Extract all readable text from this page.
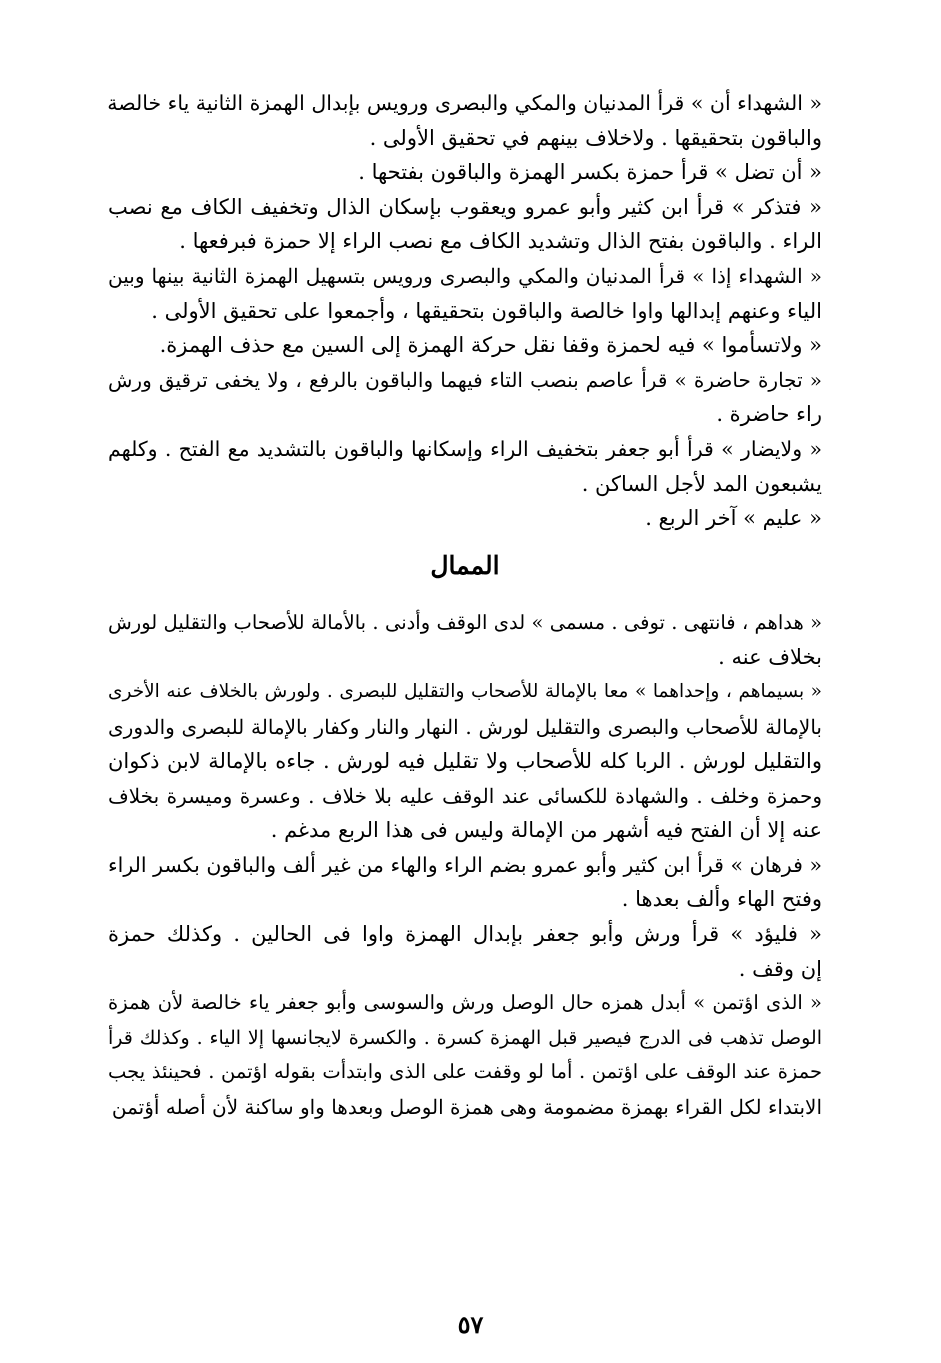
« الشهداء أن » قرأ المدنيان والمكي والبصرى ورويس بإبدال الهمزة الثانية ياء خالصة
والباقون بتحقيقها . ولاخلاف بينهم في تحقيق الأولى .
« أن تضل » قرأ حمزة بكسر الهمزة والباقون بفتحها .
« فتذكر » قرأ ابن كثير وأبو عمرو ويعقوب بإسكان الذال وتخفيف الكاف مع نصب
الراء . والباقون بفتح الذال وتشديد الكاف مع نصب الراء إلا حمزة فبرفعها .
« الشهداء إذا » قرأ المدنيان والمكي والبصرى ورويس بتسهيل الهمزة الثانية بينها وبين
الياء وعنهم إبدالها واوا خالصة والباقون بتحقيقها ، وأجمعوا على تحقيق الأولى .
« ولاتسأموا » فيه لحمزة وقفا نقل حركة الهمزة إلى السين مع حذف الهمزة.
« تجارة حاضرة » قرأ عاصم بنصب التاء فيهما والباقون بالرفع ، ولا يخفى ترقيق ورش
راء حاضرة .
« ولايضار » قرأ أبو جعفر بتخفيف الراء وإسكانها والباقون بالتشديد مع الفتح . وكلهم
يشبعون المد لأجل الساكن .
« عليم » آخر الربع .
الممال
« هداهم ، فانتهى . توفى . مسمى » لدى الوقف وأدنى . بالأمالة للأصحاب والتقليل لورش
بخلاف عنه .
« بسيماهم ، وإحداهما » معا بالإمالة للأصحاب والتقليل للبصرى . ولورش بالخلاف عنه الأخرى
بالإمالة للأصحاب والبصرى والتقليل لورش . النهار والنار وكفار بالإمالة للبصرى والدورى
والتقليل لورش . الربا كله للأصحاب ولا تقليل فيه لورش . جاءه بالإمالة لابن ذكوان
وحمزة وخلف . والشهادة للكسائى عند الوقف عليه بلا خلاف . وعسرة وميسرة بخلاف
عنه إلا أن الفتح فيه أشهر من الإمالة وليس فى هذا الربع مدغم .
« فرهان » قرأ ابن كثير وأبو عمرو بضم الراء والهاء من غير ألف والباقون بكسر الراء
وفتح الهاء وألف بعدها .
« فليؤد » قرأ ورش وأبو جعفر بإبدال الهمزة واوا فى الحالين . وكذلك حمزة
إن وقف .
« الذى اؤتمن » أبدل همزه حال الوصل ورش والسوسى وأبو جعفر ياء خالصة لأن همزة
الوصل تذهب فى الدرج فيصير قبل الهمزة كسرة . والكسرة لايجانسها إلا الياء . وكذلك قرأ
حمزة عند الوقف على اؤتمن . أما لو وقفت على الذى وابتدأت بقوله اؤتمن . فحينئذ يجب
الابتداء لكل القراء بهمزة مضمومة وهى همزة الوصل وبعدها واو ساكنة لأن أصله أؤتمن
٥٧
